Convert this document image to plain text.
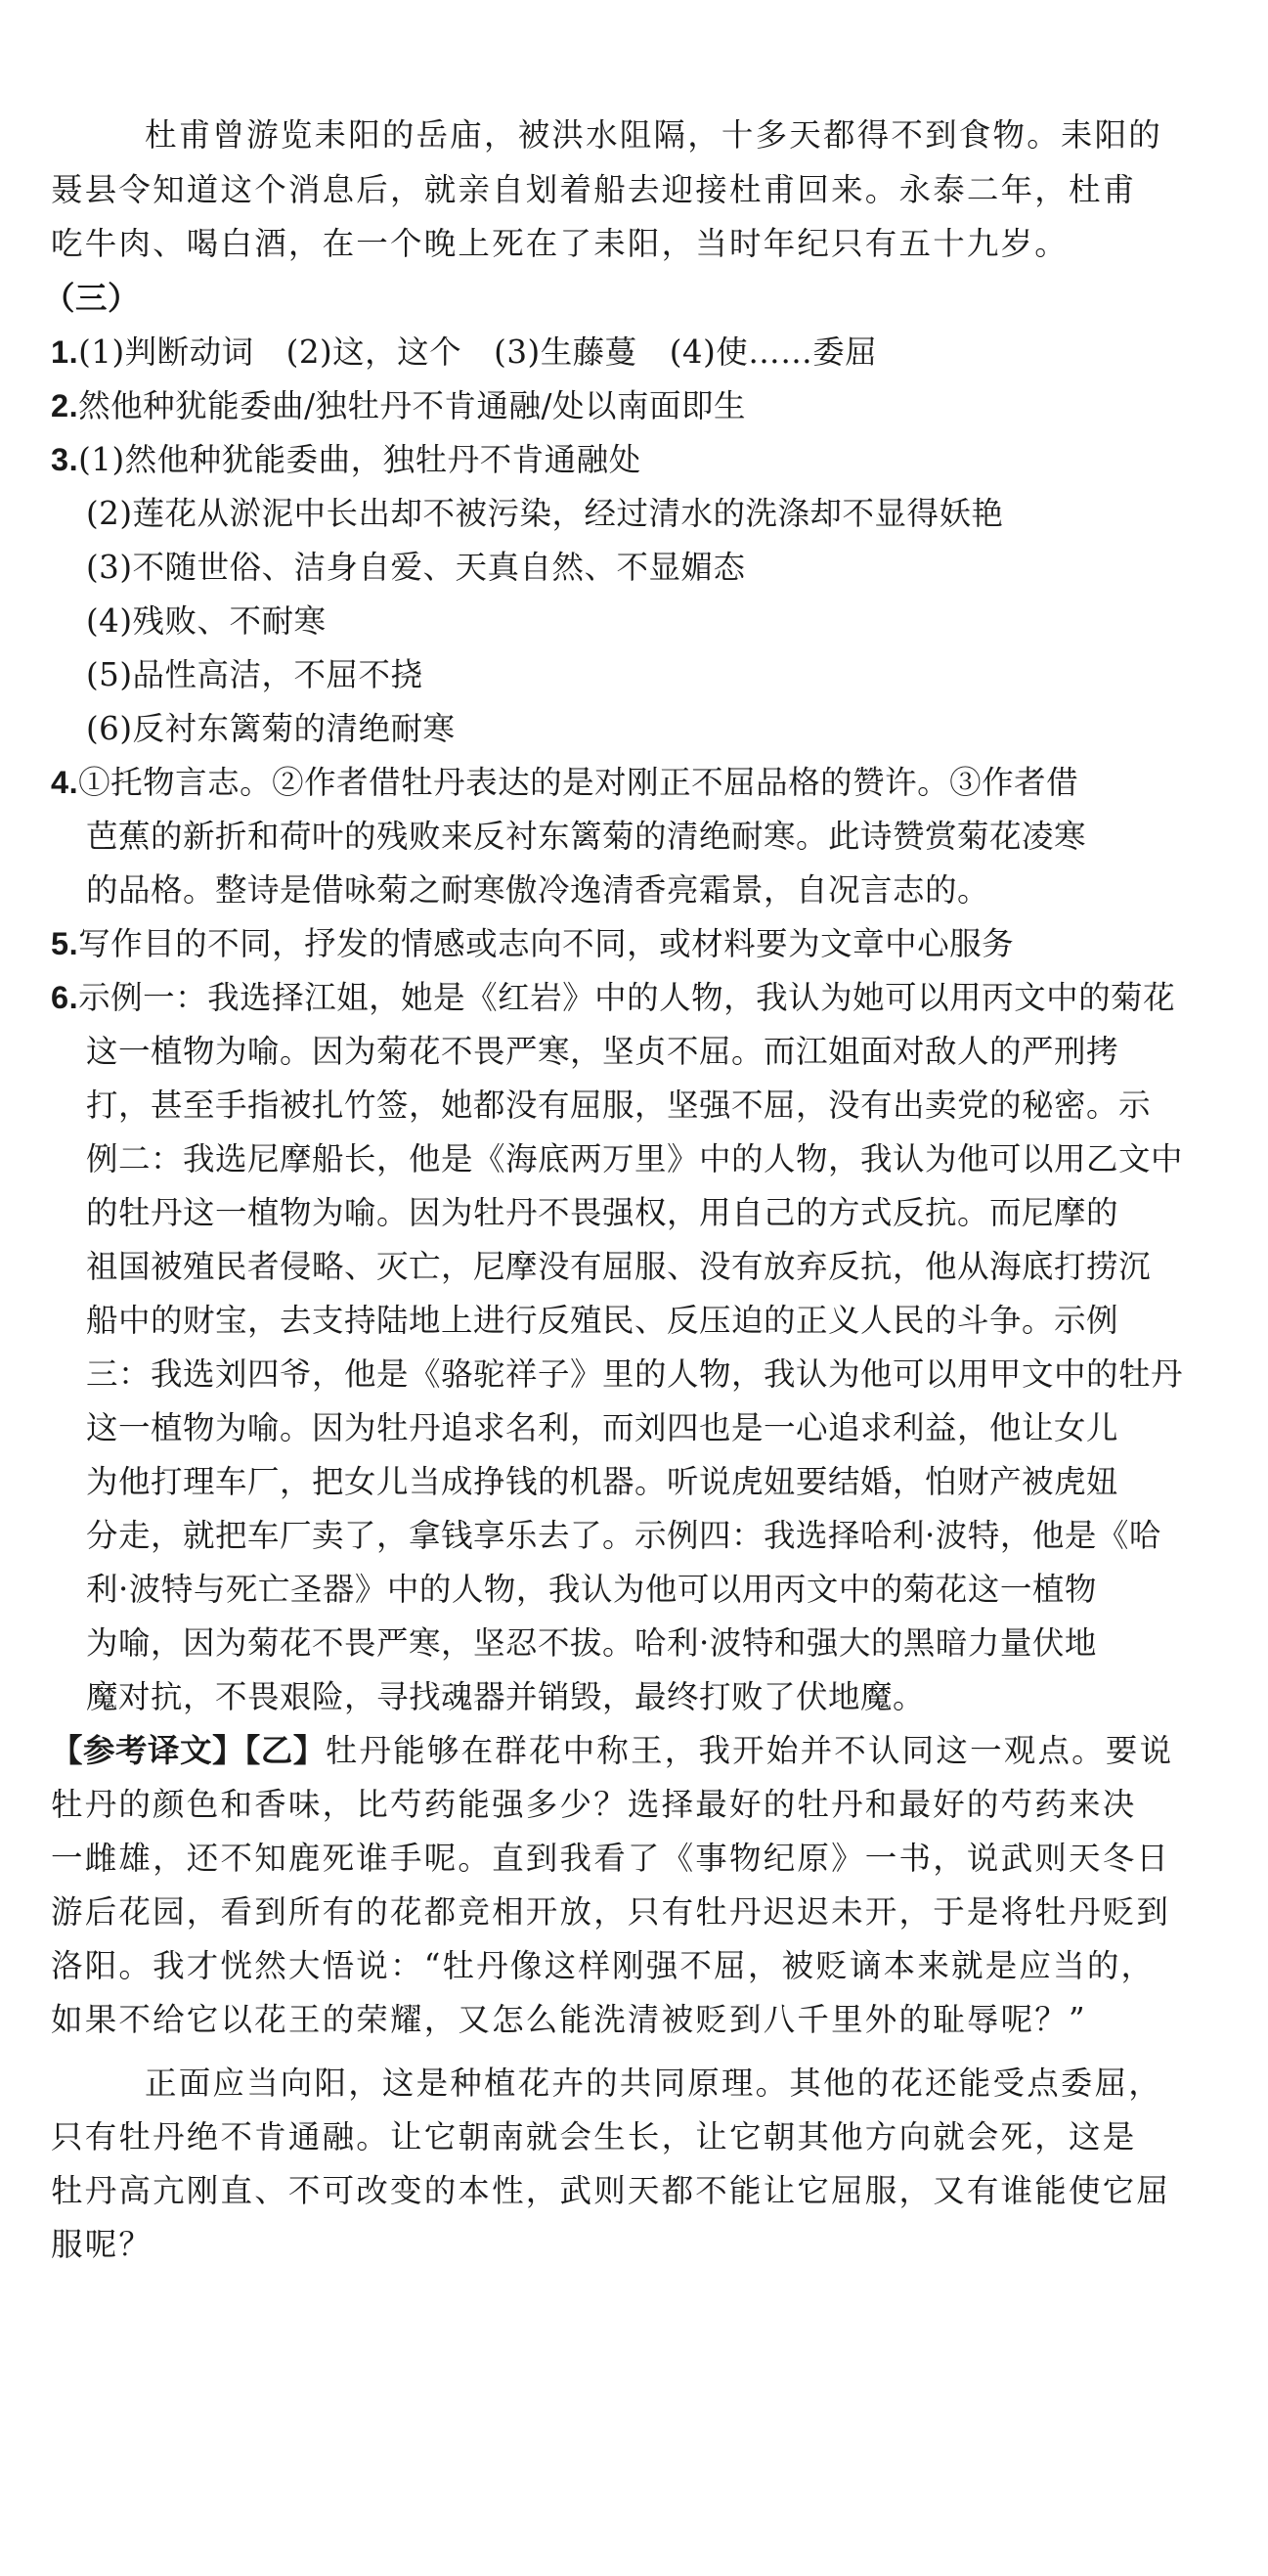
杜甫曾游览耒阳的岳庙，被洪水阻隔，十多天都得不到食物。耒阳的
聂县令知道这个消息后，就亲自划着船去迎接杜甫回来。永泰二年，杜甫
吃牛肉、喝白酒，在一个晚上死在了耒阳，当时年纪只有五十九岁。
（三）
1.(1)判断动词　(2)这，这个　(3)生藤蔓　(4)使……委屈
2.然他种犹能委曲/独牡丹不肯通融/处以南面即生
3.(1)然他种犹能委曲，独牡丹不肯通融处
(2)莲花从淤泥中长出却不被污染，经过清水的洗涤却不显得妖艳
(3)不随世俗、洁身自爱、天真自然、不显媚态
(4)残败、不耐寒
(5)品性高洁，不屈不挠
(6)反衬东篱菊的清绝耐寒
4.①托物言志。②作者借牡丹表达的是对刚正不屈品格的赞许。③作者借
芭蕉的新折和荷叶的残败来反衬东篱菊的清绝耐寒。此诗赞赏菊花凌寒
的品格。整诗是借咏菊之耐寒傲冷逸清香亮霜景，自况言志的。
5.写作目的不同，抒发的情感或志向不同，或材料要为文章中心服务
6.示例一：我选择江姐，她是《红岩》中的人物，我认为她可以用丙文中的菊花
这一植物为喻。因为菊花不畏严寒，坚贞不屈。而江姐面对敌人的严刑拷
打，甚至手指被扎竹签，她都没有屈服，坚强不屈，没有出卖党的秘密。示
例二：我选尼摩船长，他是《海底两万里》中的人物，我认为他可以用乙文中
的牡丹这一植物为喻。因为牡丹不畏强权，用自己的方式反抗。而尼摩的
祖国被殖民者侵略、灭亡，尼摩没有屈服、没有放弃反抗，他从海底打捞沉
船中的财宝，去支持陆地上进行反殖民、反压迫的正义人民的斗争。示例
三：我选刘四爷，他是《骆驼祥子》里的人物，我认为他可以用甲文中的牡丹
这一植物为喻。因为牡丹追求名利，而刘四也是一心追求利益，他让女儿
为他打理车厂，把女儿当成挣钱的机器。听说虎妞要结婚，怕财产被虎妞
分走，就把车厂卖了，拿钱享乐去了。示例四：我选择哈利·波特，他是《哈
利·波特与死亡圣器》中的人物，我认为他可以用丙文中的菊花这一植物
为喻，因为菊花不畏严寒，坚忍不拔。哈利·波特和强大的黑暗力量伏地
魔对抗，不畏艰险，寻找魂器并销毁，最终打败了伏地魔。
【参考译文】【乙】牡丹能够在群花中称王，我开始并不认同这一观点。要说
牡丹的颜色和香味，比芍药能强多少？选择最好的牡丹和最好的芍药来决
一雌雄，还不知鹿死谁手呢。直到我看了《事物纪原》一书，说武则天冬日
游后花园，看到所有的花都竞相开放，只有牡丹迟迟未开，于是将牡丹贬到
洛阳。我才恍然大悟说：“牡丹像这样刚强不屈，被贬谪本来就是应当的，
如果不给它以花王的荣耀，又怎么能洗清被贬到八千里外的耻辱呢？”
正面应当向阳，这是种植花卉的共同原理。其他的花还能受点委屈，
只有牡丹绝不肯通融。让它朝南就会生长，让它朝其他方向就会死，这是
牡丹高亢刚直、不可改变的本性，武则天都不能让它屈服，又有谁能使它屈
服呢？
